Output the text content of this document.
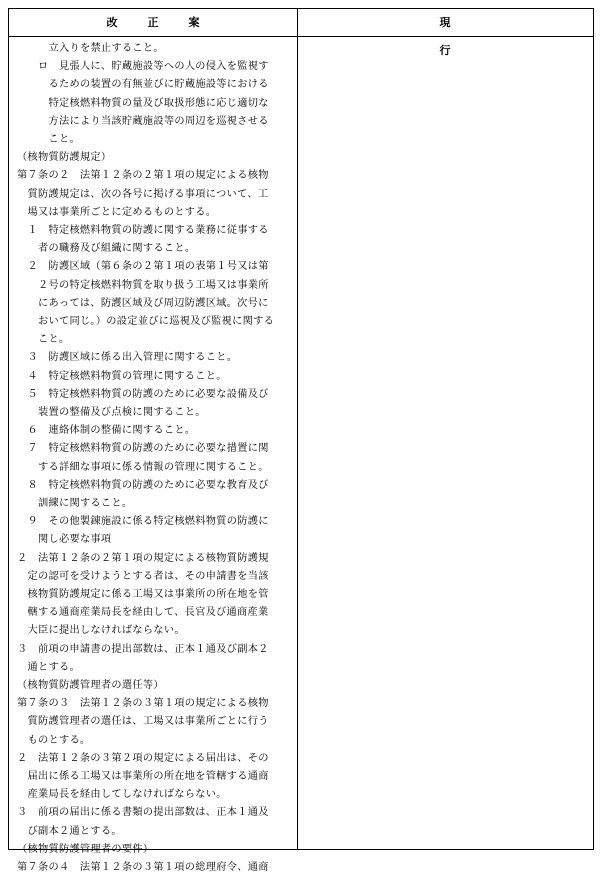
改正案	現行
立入りを禁止すること。
ロ　見張人に、貯蔵施設等への人の侵入を監視す
るための装置の有無並びに貯蔵施設等における
特定核燃料物質の量及び取扱形態に応じ適切な
方法により当該貯蔵施設等の周辺を巡視させる
こと。
（核物質防護規定）
第７条の２　法第１２条の２第１項の規定による核物
質防護規定は、次の各号に掲げる事項について、工
場又は事業所ごとに定めるものとする。
１　特定核燃料物質の防護に関する業務に従事する
者の職務及び組織に関すること。
２　防護区域（第６条の２第１項の表第１号又は第
２号の特定核燃料物質を取り扱う工場又は事業所
にあっては、防護区域及び周辺防護区域。次号に
おいて同じ。）の設定並びに巡視及び監視に関する
こと。
３　防護区域に係る出入管理に関すること。
４　特定核燃料物質の管理に関すること。
５　特定核燃料物質の防護のために必要な設備及び
装置の整備及び点検に関すること。
６　連絡体制の整備に関すること。
７　特定核燃料物質の防護のために必要な措置に関
する詳細な事項に係る情報の管理に関すること。
８　特定核燃料物質の防護のために必要な教育及び
訓練に関すること。
９　その他製錬施設に係る特定核燃料物質の防護に
関し必要な事項
２　法第１２条の２第１項の規定による核物質防護規
定の認可を受けようとする者は、その申請書を当該
核物質防護規定に係る工場又は事業所の所在地を管
轄する通商産業局長を経由して、長官及び通商産業
大臣に提出しなければならない。
３　前項の申請書の提出部数は、正本１通及び副本２
通とする。
（核物質防護管理者の選任等）
第７条の３　法第１２条の３第１項の規定による核物
質防護管理者の選任は、工場又は事業所ごとに行う
ものとする。
２　法第１２条の３第２項の規定による届出は、その
届出に係る工場又は事業所の所在地を管轄する通商
産業局長を経由してしなければならない。
３　前項の届出に係る書類の提出部数は、正本１通及
び副本２通とする。
（核物質防護管理者の要件）
第７条の４　法第１２条の３第１項の総理府令、通商
